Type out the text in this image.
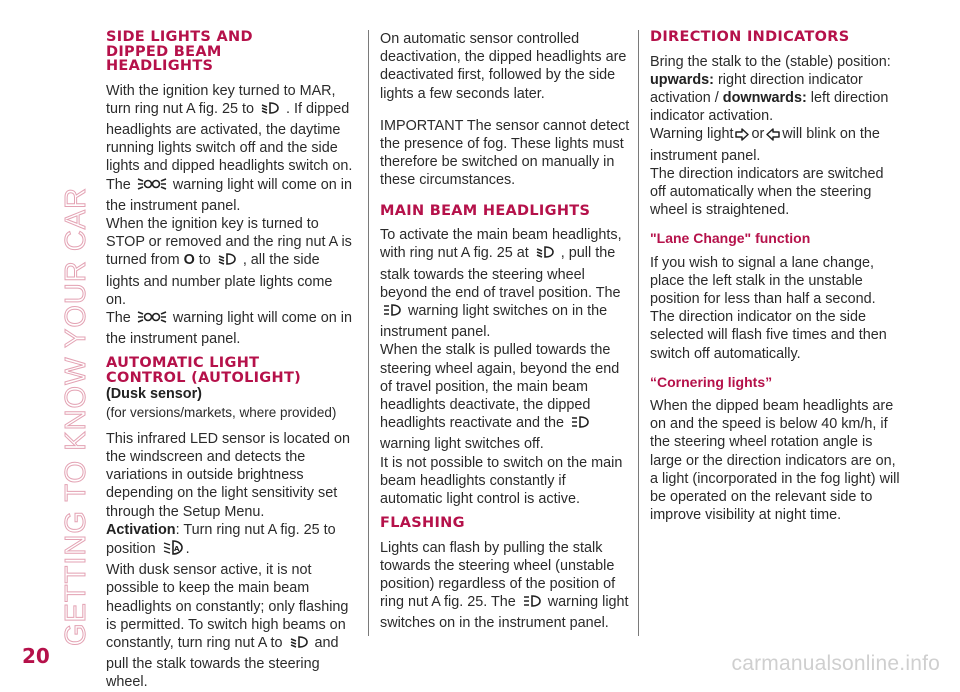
GETTING TO KNOW YOUR CAR
SIDE LIGHTS AND
DIPPED BEAM
HEADLIGHTS
With the ignition key turned to MAR, turn ring nut A fig. 25 to . If dipped headlights are activated, the daytime running lights switch off and the side lights and dipped headlights switch on.
The	warning light will come on in the instrument panel.
When the ignition key is turned to STOP or removed and the ring nut A is turned from O to , all the side lights and number plate lights come on.
The	warning light will come on in the instrument panel.
AUTOMATIC LIGHT
CONTROL (AUTOLIGHT)
(Dusk sensor)
(for versions/markets, where provided)
This infrared LED sensor is located on the windscreen and detects the variations in outside brightness depending on the light sensitivity set through the Setup Menu.
Activation: Turn ring nut A fig. 25 to position	A .
With dusk sensor active, it is not possible to keep the main beam headlights on constantly; only flashing is permitted. To switch high beams on constantly, turn ring nut A to and pull the stalk towards the steering wheel.
On automatic sensor controlled deactivation, the dipped headlights are deactivated first, followed by the side lights a few seconds later.
IMPORTANT The sensor cannot detect the presence of fog. These lights must therefore be switched on manually in these circumstances.
MAIN BEAM HEADLIGHTS
To activate the main beam headlights, with ring nut A fig. 25 at , pull the stalk towards the steering wheel beyond the end of travel position. The  warning light switches on in the instrument panel.
When the stalk is pulled towards the steering wheel again, beyond the end of travel position, the main beam headlights deactivate, the dipped headlights reactivate and the  warning light switches off.
It is not possible to switch on the main beam headlights constantly if automatic light control is active.
FLASHING
Lights can flash by pulling the stalk towards the steering wheel (unstable position) regardless of the position of ring nut A fig. 25. The warning light switches on in the instrument panel.
DIRECTION INDICATORS
Bring the stalk to the (stable) position: upwards: right direction indicator activation / downwards: left direction indicator activation.
Warning light or will blink on the instrument panel.
The direction indicators are switched off automatically when the steering wheel is straightened.
"Lane Change" function
If you wish to signal a lane change, place the left stalk in the unstable position for less than half a second. The direction indicator on the side selected will flash five times and then switch off automatically.
“Cornering lights”
When the dipped beam headlights are on and the speed is below 40 km/h, if the steering wheel rotation angle is large or the direction indicators are on, a light (incorporated in the fog light) will be operated on the relevant side to improve visibility at night time.
20	carmanualsonline.info
